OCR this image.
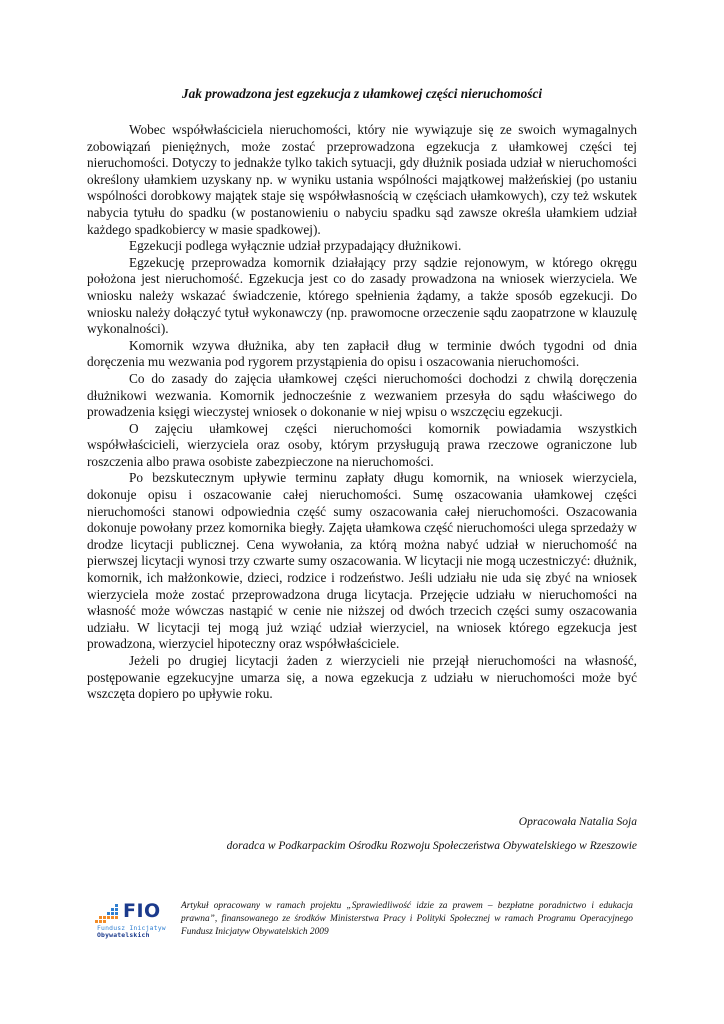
Jak prowadzona jest egzekucja z ułamkowej części nieruchomości

Wobec współwłaściciela nieruchomości, który nie wywiązuje się ze swoich wymagalnych zobowiązań pieniężnych, może zostać przeprowadzona egzekucja z ułamkowej części tej nieruchomości. Dotyczy to jednakże tylko takich sytuacji, gdy dłużnik posiada udział w nieruchomości określony ułamkiem uzyskany np. w wyniku ustania wspólności majątkowej małżeńskiej (po ustaniu wspólności dorobkowy majątek staje się współwłasnością w częściach ułamkowych), czy też wskutek nabycia tytułu do spadku (w postanowieniu o nabyciu spadku sąd zawsze określa ułamkiem udział każdego spadkobiercy w masie spadkowej).

Egzekucji podlega wyłącznie udział przypadający dłużnikowi.

Egzekucję przeprowadza komornik działający przy sądzie rejonowym, w którego okręgu położona jest nieruchomość. Egzekucja jest co do zasady prowadzona na wniosek wierzyciela. We wniosku należy wskazać świadczenie, którego spełnienia żądamy, a także sposób egzekucji. Do wniosku należy dołączyć tytuł wykonawczy (np. prawomocne orzeczenie sądu zaopatrzone w klauzulę wykonalności).

Komornik wzywa dłużnika, aby ten zapłacił dług w terminie dwóch tygodni od dnia doręczenia mu wezwania pod rygorem przystąpienia do opisu i oszacowania nieruchomości.

Co do zasady do zajęcia ułamkowej części nieruchomości dochodzi z chwilą doręczenia dłużnikowi wezwania. Komornik jednocześnie z wezwaniem przesyła do sądu właściwego do prowadzenia księgi wieczystej wniosek o dokonanie w niej wpisu o wszczęciu egzekucji.

O zajęciu ułamkowej części nieruchomości komornik powiadamia wszystkich współwłaścicieli, wierzyciela oraz osoby, którym przysługują prawa rzeczowe ograniczone lub roszczenia albo prawa osobiste zabezpieczone na nieruchomości.

Po bezskutecznym upływie terminu zapłaty długu komornik, na wniosek wierzyciela, dokonuje opisu i oszacowanie całej nieruchomości. Sumę oszacowania ułamkowej części nieruchomości stanowi odpowiednia część sumy oszacowania całej nieruchomości. Oszacowania dokonuje powołany przez komornika biegły. Zajęta ułamkowa część nieruchomości ulega sprzedaży w drodze licytacji publicznej. Cena wywołania, za którą można nabyć udział w nieruchomość na pierwszej licytacji wynosi trzy czwarte sumy oszacowania. W licytacji nie mogą uczestniczyć: dłużnik, komornik, ich małżonkowie, dzieci, rodzice i rodzeństwo. Jeśli udziału nie uda się zbyć na wniosek wierzyciela może zostać przeprowadzona druga licytacja. Przejęcie udziału w nieruchomości na własność może wówczas nastąpić w cenie nie niższej od dwóch trzecich części sumy oszacowania udziału. W licytacji tej mogą już wziąć udział wierzyciel, na wniosek którego egzekucja jest prowadzona, wierzyciel hipoteczny oraz współwłaściciele.

Jeżeli po drugiej licytacji żaden z wierzycieli nie przejął nieruchomości na własność, postępowanie egzekucyjne umarza się, a nowa egzekucja z udziału w nieruchomości może być wszczęta dopiero po upływie roku.

Opracowała Natalia Soja
doradca w Podkarpackim Ośrodku Rozwoju Społeczeństwa Obywatelskiego w Rzeszowie
FIO
Fundusz Inicjatyw
Obywatelskich
Artykuł opracowany w ramach projektu „Sprawiedliwość idzie za prawem – bezpłatne poradnictwo i edukacja prawna”, finansowanego ze środków Ministerstwa Pracy i Polityki Społecznej w ramach Programu Operacyjnego Fundusz Inicjatyw Obywatelskich 2009
